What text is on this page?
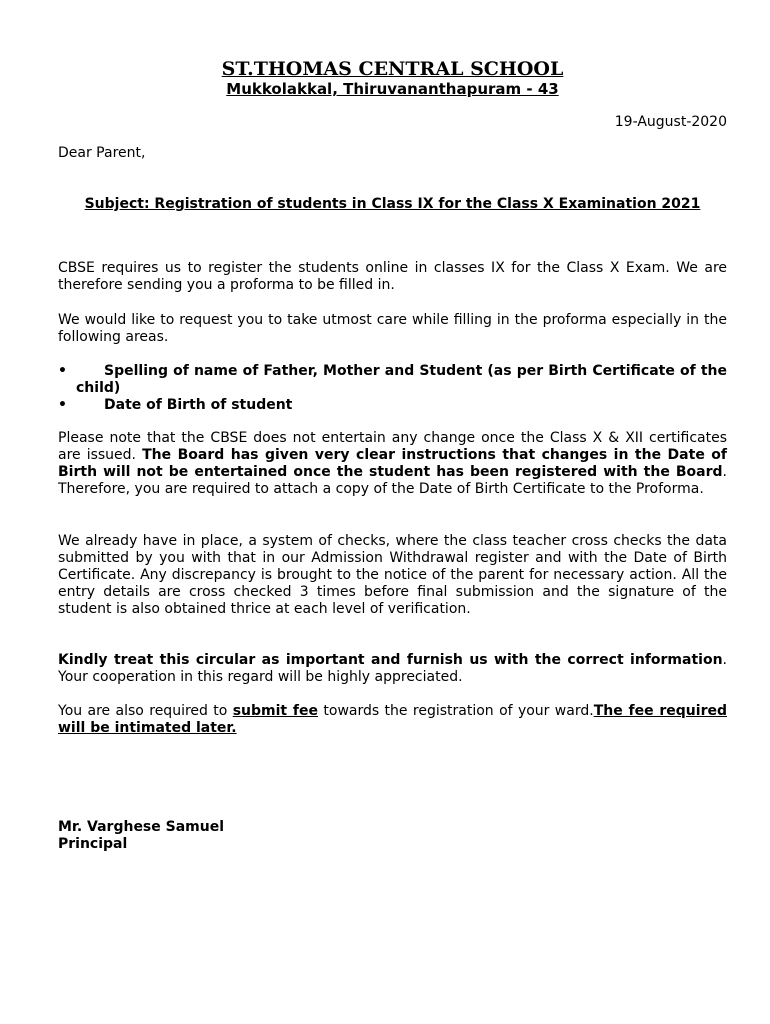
ST.THOMAS CENTRAL SCHOOL
Mukkolakkal, Thiruvananthapuram - 43
19-August-2020
Dear Parent,
Subject: Registration of students in Class IX for the Class X Examination 2021

CBSE requires us to register the students online in classes IX for the Class X Exam. We are therefore sending you a proforma to be filled in.

We would like to request you to take utmost care while filling in the proforma especially in the following areas.

•	Spelling of name of Father, Mother and Student (as per Birth Certificate of the child)
•	Date of Birth of student

Please note that the CBSE does not entertain any change once the Class X & XII certificates are issued. The Board has given very clear instructions that changes in the Date of Birth will not be entertained once the student has been registered with the Board. Therefore, you are required to attach a copy of the Date of Birth Certificate to the Proforma.

We already have in place, a system of checks, where the class teacher cross checks the data submitted by you with that in our Admission Withdrawal register and with the Date of Birth Certificate. Any discrepancy is brought to the notice of the parent for necessary action. All the entry details are cross checked 3 times before final submission and the signature of the student is also obtained thrice at each level of verification.

Kindly treat this circular as important and furnish us with the correct information. Your cooperation in this regard will be highly appreciated.

You are also required to submit fee towards the registration of your ward.The fee required will be intimated later.

Mr. Varghese Samuel
Principal
